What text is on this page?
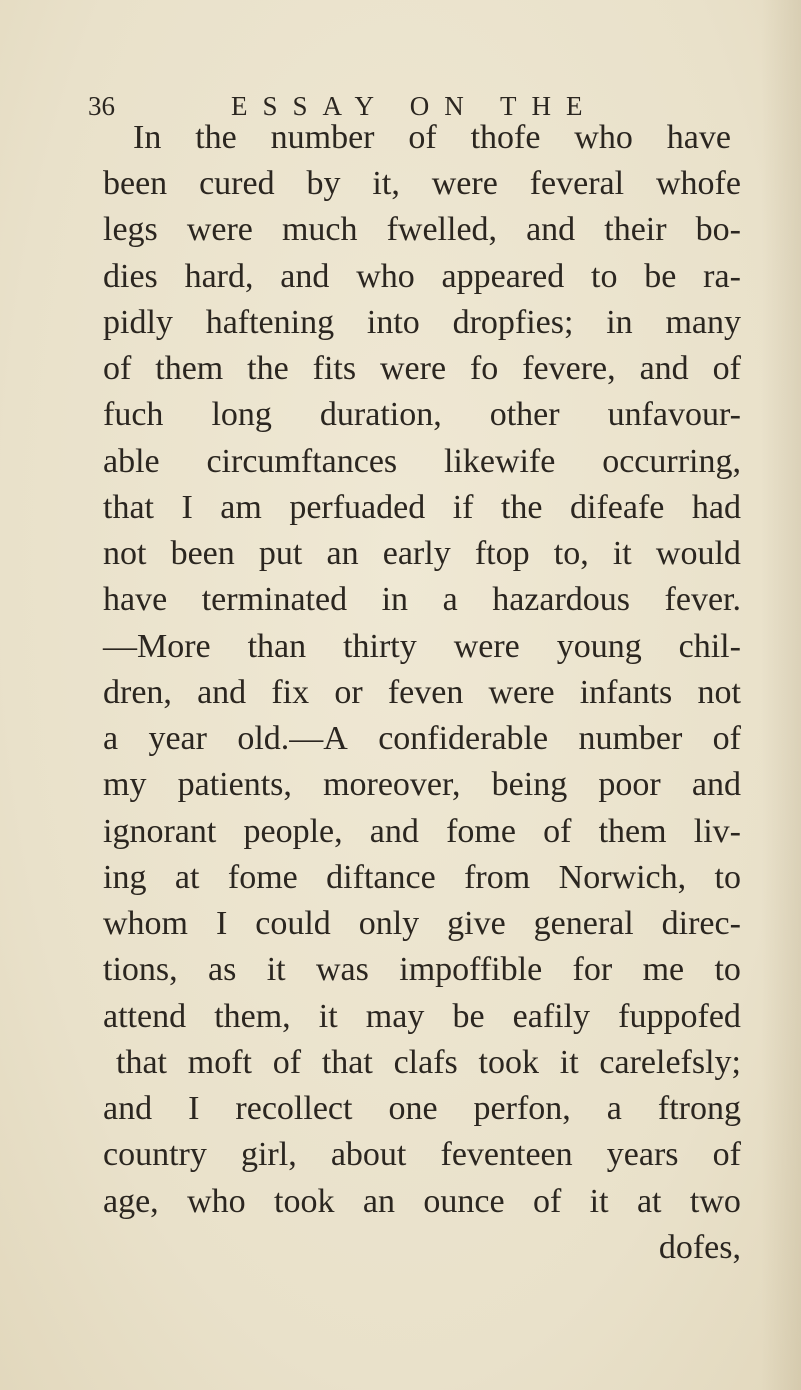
36	ESSAY ON THE
In the number of thofe who have
been cured by it, were feveral whofe
legs were much fwelled, and their bo-
dies hard, and who appeared to be ra-
pidly haftening into dropfies; in many
of them the fits were fo fevere, and of
fuch long duration, other unfavour-
able circumftances likewife occurring,
that I am perfuaded if the difeafe had
not been put an early ftop to, it would
have terminated in a hazardous fever.
—More than thirty were young chil-
dren, and fix or feven were infants not
a year old.—A confiderable number of
my patients, moreover, being poor and
ignorant people, and fome of them liv-
ing at fome diftance from Norwich, to
whom I could only give general direc-
tions, as it was impoffible for me to
attend them, it may be eafily fuppofed
that moft of that clafs took it carelefsly;
and I recollect one perfon, a ftrong
country girl, about feventeen years of
age, who took an ounce of it at two
dofes,
